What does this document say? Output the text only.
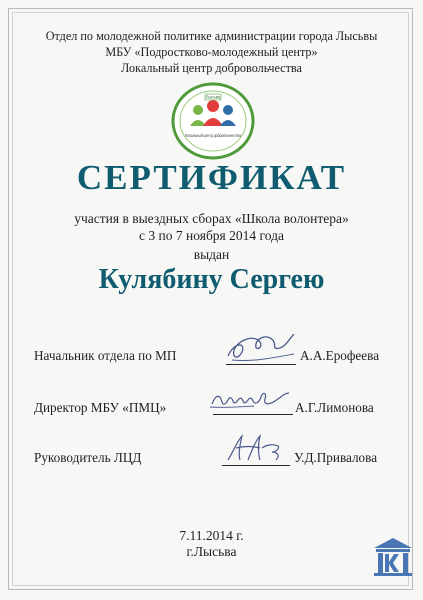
Отдел по молодежной политике администрации города Лысьвы
МБУ «Подростково-молодежный центр»
Локальный центр добровольчества
Лысьва
Локальный центр добровольчества
СЕРТИФИКАТ
участия в выездных сборах «Школа волонтера»
с 3 по 7 ноября 2014 года
выдан
Кулябину Сергею
Начальник отдела по МП	А.А.Ерофеева
Директор МБУ «ПМЦ»	А.Г.Лимонова
Руководитель ЛЦД	У.Д.Привалова
7.11.2014 г.
г.Лысьва
